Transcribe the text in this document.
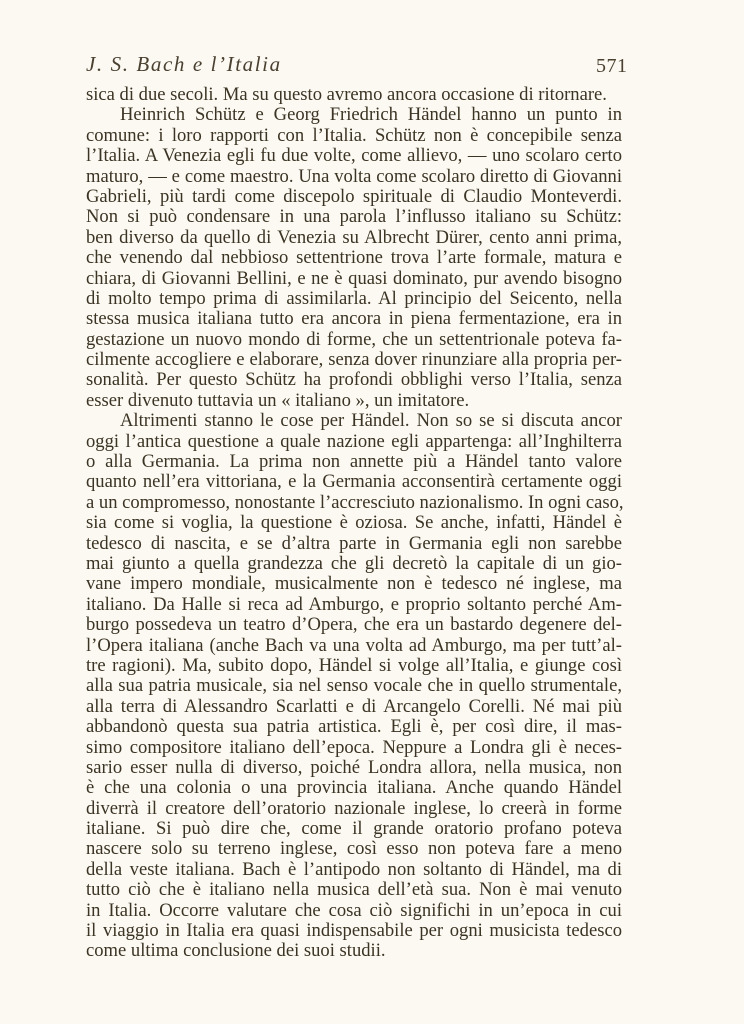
J. S. Bach e l’Italia	571
sica di due secoli. Ma su questo avremo ancora occasione di ritornare.
Heinrich Schütz e Georg Friedrich Händel hanno un punto in
comune: i loro rapporti con l’Italia. Schütz non è concepibile senza
l’Italia. A Venezia egli fu due volte, come allievo, — uno scolaro certo
maturo, — e come maestro. Una volta come scolaro diretto di Giovanni
Gabrieli, più tardi come discepolo spirituale di Claudio Monteverdi.
Non si può condensare in una parola l’influsso italiano su Schütz:
ben diverso da quello di Venezia su Albrecht Dürer, cento anni prima,
che venendo dal nebbioso settentrione trova l’arte formale, matura e
chiara, di Giovanni Bellini, e ne è quasi dominato, pur avendo bisogno
di molto tempo prima di assimilarla. Al principio del Seicento, nella
stessa musica italiana tutto era ancora in piena fermentazione, era in
gestazione un nuovo mondo di forme, che un settentrionale poteva fa-
cilmente accogliere e elaborare, senza dover rinunziare alla propria per-
sonalità. Per questo Schütz ha profondi obblighi verso l’Italia, senza
esser divenuto tuttavia un « italiano », un imitatore.
Altrimenti stanno le cose per Händel. Non so se si discuta ancor
oggi l’antica questione a quale nazione egli appartenga: all’Inghilterra
o alla Germania. La prima non annette più a Händel tanto valore
quanto nell’era vittoriana, e la Germania acconsentirà certamente oggi
a un compromesso, nonostante l’accresciuto nazionalismo. In ogni caso,
sia come si voglia, la questione è oziosa. Se anche, infatti, Händel è
tedesco di nascita, e se d’altra parte in Germania egli non sarebbe
mai giunto a quella grandezza che gli decretò la capitale di un gio-
vane impero mondiale, musicalmente non è tedesco né inglese, ma
italiano. Da Halle si reca ad Amburgo, e proprio soltanto perché Am-
burgo possedeva un teatro d’Opera, che era un bastardo degenere del-
l’Opera italiana (anche Bach va una volta ad Amburgo, ma per tutt’al-
tre ragioni). Ma, subito dopo, Händel si volge all’Italia, e giunge così
alla sua patria musicale, sia nel senso vocale che in quello strumentale,
alla terra di Alessandro Scarlatti e di Arcangelo Corelli. Né mai più
abbandonò questa sua patria artistica. Egli è, per così dire, il mas-
simo compositore italiano dell’epoca. Neppure a Londra gli è neces-
sario esser nulla di diverso, poiché Londra allora, nella musica, non
è che una colonia o una provincia italiana. Anche quando Händel
diverrà il creatore dell’oratorio nazionale inglese, lo creerà in forme
italiane. Si può dire che, come il grande oratorio profano poteva
nascere solo su terreno inglese, così esso non poteva fare a meno
della veste italiana. Bach è l’antipodo non soltanto di Händel, ma di
tutto ciò che è italiano nella musica dell’età sua. Non è mai venuto
in Italia. Occorre valutare che cosa ciò significhi in un’epoca in cui
il viaggio in Italia era quasi indispensabile per ogni musicista tedesco
come ultima conclusione dei suoi studii.
